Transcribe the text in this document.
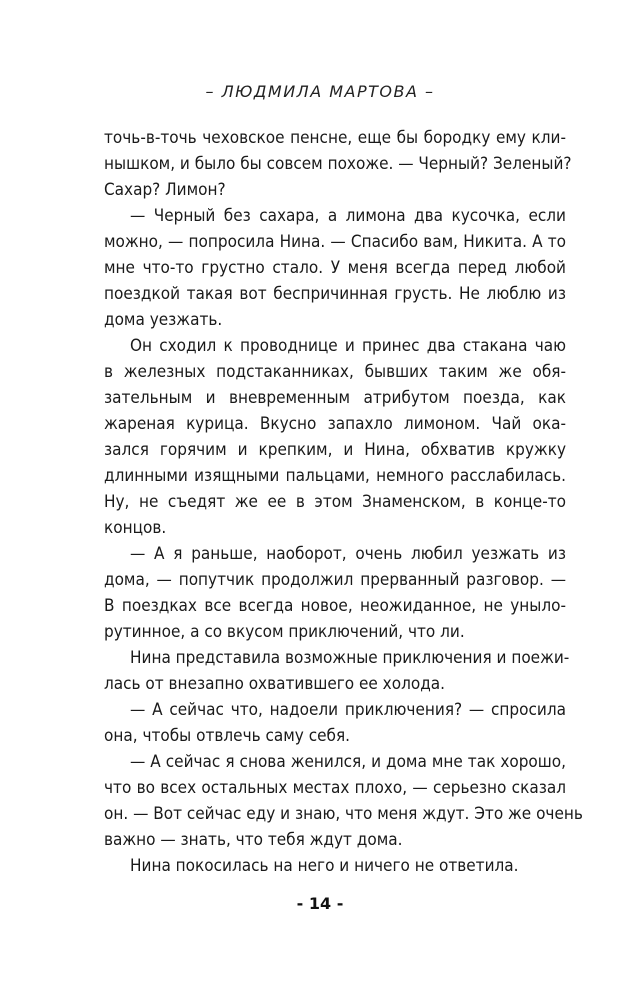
– ЛЮДМИЛА МАРТОВА –
точь-в-точь чеховское пенсне, еще бы бородку ему кли-
нышком, и было бы совсем похоже. — Черный? Зеленый?
Сахар? Лимон?
— Черный без сахара, а лимона два кусочка, если
можно, — попросила Нина. — Спасибо вам, Никита. А то
мне что-то грустно стало. У меня всегда перед любой
поездкой такая вот беспричинная грусть. Не люблю из
дома уезжать.
Он сходил к проводнице и принес два стакана чаю
в железных подстаканниках, бывших таким же обя-
зательным и вневременным атрибутом поезда, как
жареная курица. Вкусно запахло лимоном. Чай ока-
зался горячим и крепким, и Нина, обхватив кружку
длинными изящными пальцами, немного расслабилась.
Ну, не съедят же ее в этом Знаменском, в конце-то
концов.
— А я раньше, наоборот, очень любил уезжать из
дома, — попутчик продолжил прерванный разговор. —
В поездках все всегда новое, неожиданное, не уныло-
рутинное, а со вкусом приключений, что ли.
Нина представила возможные приключения и поежи-
лась от внезапно охватившего ее холода.
— А сейчас что, надоели приключения? — спросила
она, чтобы отвлечь саму себя.
— А сейчас я снова женился, и дома мне так хорошо,
что во всех остальных местах плохо, — серьезно сказал
он. — Вот сейчас еду и знаю, что меня ждут. Это же очень
важно — знать, что тебя ждут дома.
Нина покосилась на него и ничего не ответила.
- 14 -
